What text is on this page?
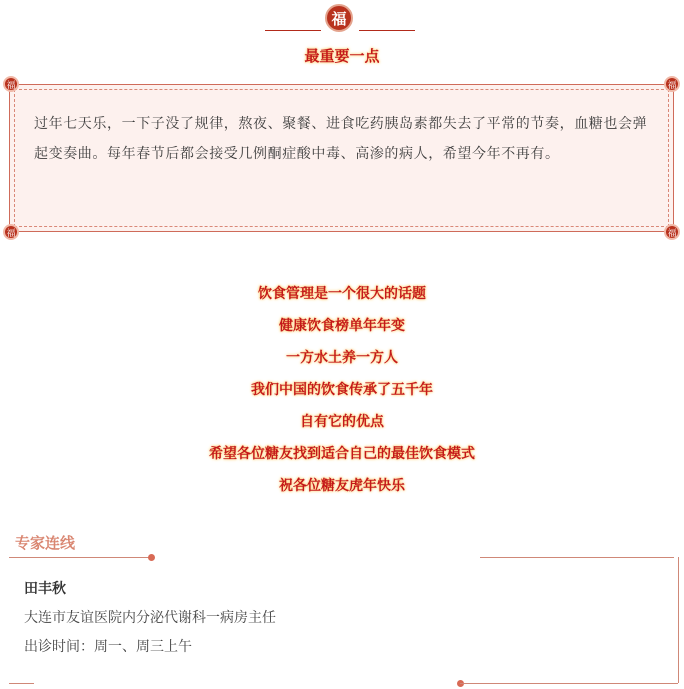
福
最重要一点
过年七天乐，一下子没了规律，熬夜、聚餐、进食吃药胰岛素都失去了平常的节奏，血糖也会弹起变奏曲。每年春节后都会接受几例酮症酸中毒、高渗的病人，希望今年不再有。
福	福
福	福
饮食管理是一个很大的话题
健康饮食榜单年年变
一方水土养一方人
我们中国的饮食传承了五千年
自有它的优点
希望各位糖友找到适合自己的最佳饮食模式
祝各位糖友虎年快乐
专家连线
田丰秋
大连市友谊医院内分泌代谢科一病房主任
出诊时间：周一、周三上午
